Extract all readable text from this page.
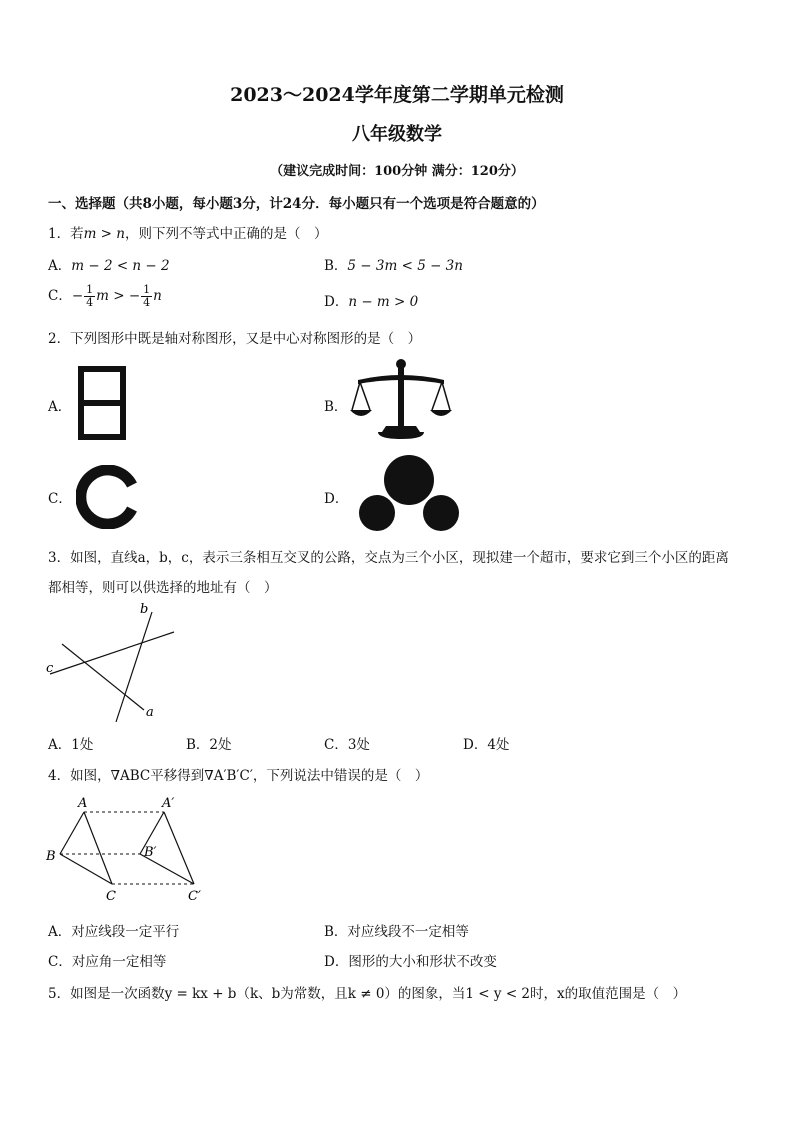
2023～2024学年度第二学期单元检测
八年级数学
（建议完成时间：100分钟 满分：120分）
一、选择题（共8小题，每小题3分，计24分．每小题只有一个选项是符合题意的）
1．若m > n，则下列不等式中正确的是（　）
A．m − 2 < n − 2	B．5 − 3m < 5 − 3n
C．− $\frac{1}{4}$ m > − $\frac{1}{4}$ n	D．n − m > 0
2．下列图形中既是轴对称图形，又是中心对称图形的是（　）
A．	B．
C．	D．
3．如图，直线a，b，c，表示三条相互交叉的公路，交点为三个小区，现拟建一个超市，要求它到三个小区的距离
都相等，则可以供选择的地址有（　）
b
c
a
A．1处	B．2处	C．3处	D．4处
4．如图，∇ABC平移得到∇A′B′C′，下列说法中错误的是（　）
A
B
C
A′
B′
C′
A．对应线段一定平行	B．对应线段不一定相等
C．对应角一定相等	D．图形的大小和形状不改变
5．如图是一次函数y = kx + b（k、b为常数，且k ≠ 0）的图象，当1 < y < 2时，x的取值范围是（　）
